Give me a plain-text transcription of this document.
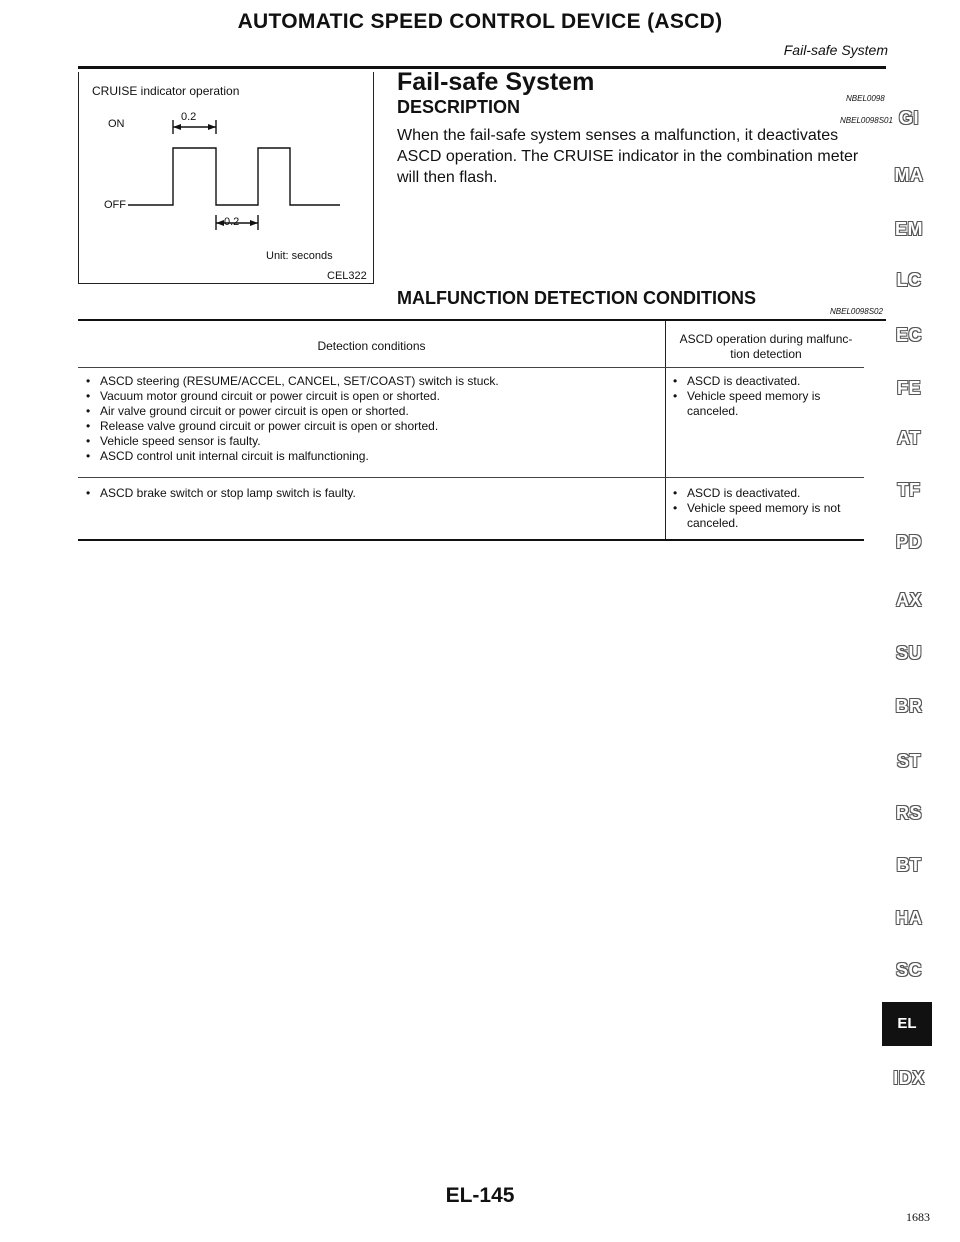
AUTOMATIC SPEED CONTROL DEVICE (ASCD)
Fail-safe System
CRUISE indicator operation
ON
OFF
0.2
0.2
Unit: seconds
CEL322
Fail-safe System
NBEL0098
DESCRIPTION
NBEL0098S01
When the fail-safe system senses a malfunction, it deactivates
ASCD operation. The CRUISE indicator in the combination meter
will then flash.
MALFUNCTION DETECTION CONDITIONS
NBEL0098S02
Detection conditions	ASCD operation during malfunc-
tion detection
• ASCD steering (RESUME/ACCEL, CANCEL, SET/COAST) switch is stuck.
• Vacuum motor ground circuit or power circuit is open or shorted.
• Air valve ground circuit or power circuit is open or shorted.
• Release valve ground circuit or power circuit is open or shorted.
• Vehicle speed sensor is faulty.
• ASCD control unit internal circuit is malfunctioning.
• ASCD is deactivated.
• Vehicle speed memory is
canceled.
• ASCD brake switch or stop lamp switch is faulty.	• ASCD is deactivated.
• Vehicle speed memory is not
canceled.
GI
MA
EM
LC
EC
FE
AT
TF
PD
AX
SU
BR
ST
RS
BT
HA
SC
EL
IDX
EL-145
1683
